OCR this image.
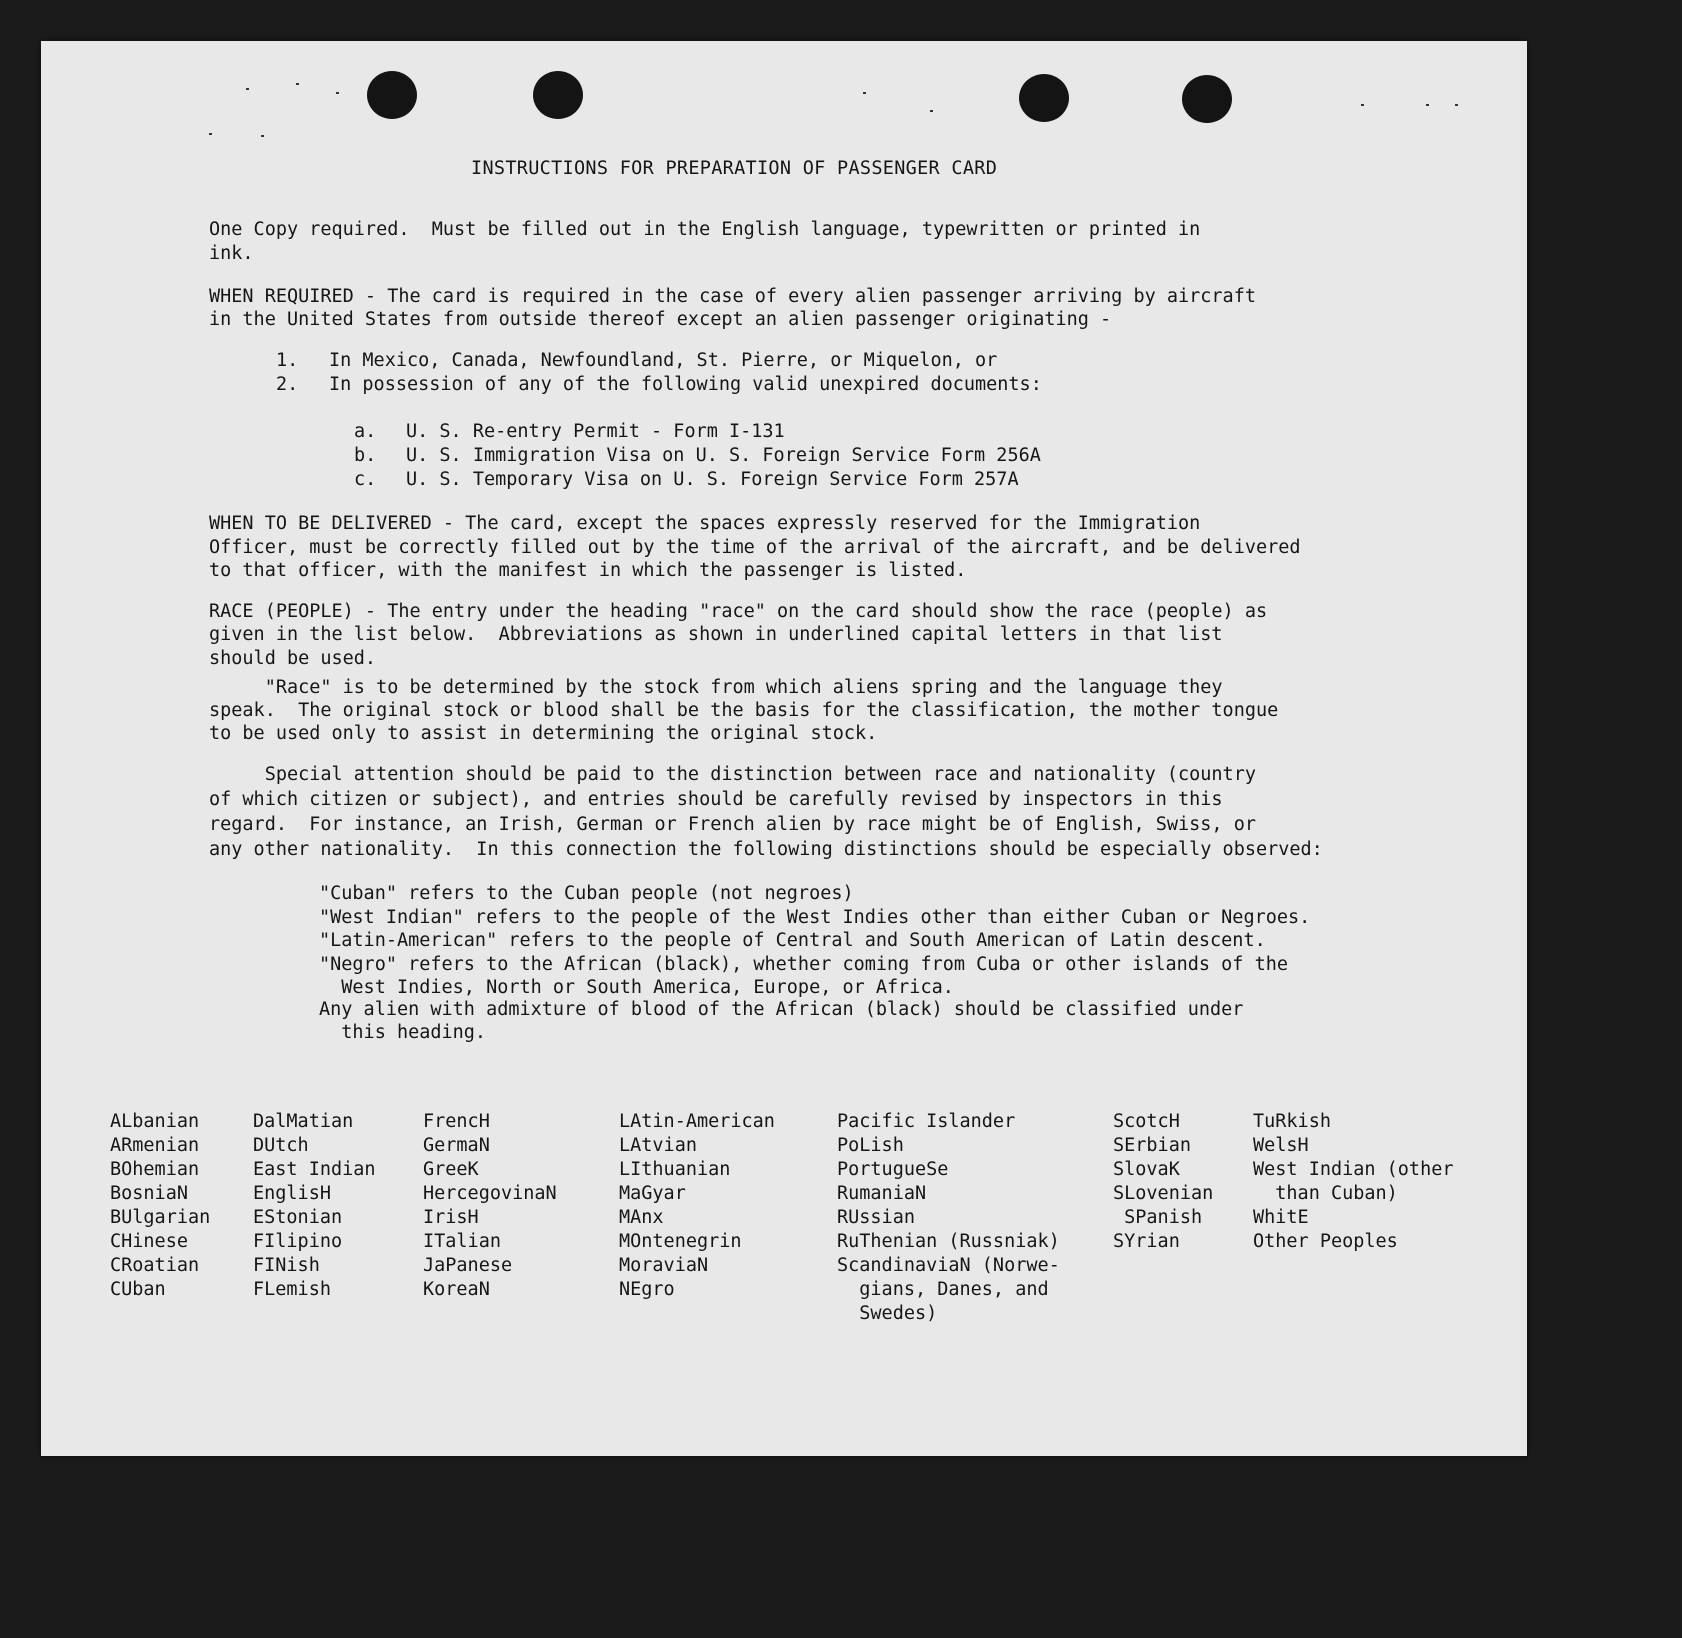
INSTRUCTIONS FOR PREPARATION OF PASSENGER CARD
One Copy required.  Must be filled out in the English language, typewritten or printed in
ink.
WHEN REQUIRED - The card is required in the case of every alien passenger arriving by aircraft
in the United States from outside thereof except an alien passenger originating -
1. In Mexico, Canada, Newfoundland, St. Pierre, or Miquelon, or
2. In possession of any of the following valid unexpired documents:
a. U. S. Re-entry Permit - Form I-131
b. U. S. Immigration Visa on U. S. Foreign Service Form 256A
c. U. S. Temporary Visa on U. S. Foreign Service Form 257A
WHEN TO BE DELIVERED - The card, except the spaces expressly reserved for the Immigration
Officer, must be correctly filled out by the time of the arrival of the aircraft, and be delivered
to that officer, with the manifest in which the passenger is listed.
RACE (PEOPLE) - The entry under the heading "race" on the card should show the race (people) as
given in the list below.  Abbreviations as shown in underlined capital letters in that list
should be used.
"Race" is to be determined by the stock from which aliens spring and the language they
speak.  The original stock or blood shall be the basis for the classification, the mother tongue
to be used only to assist in determining the original stock.
Special attention should be paid to the distinction between race and nationality (country
of which citizen or subject), and entries should be carefully revised by inspectors in this
regard.  For instance, an Irish, German or French alien by race might be of English, Swiss, or
any other nationality.  In this connection the following distinctions should be especially observed:
"Cuban" refers to the Cuban people (not negroes)
"West Indian" refers to the people of the West Indies other than either Cuban or Negroes.
"Latin-American" refers to the people of Central and South American of Latin descent.
"Negro" refers to the African (black), whether coming from Cuba or other islands of the
West Indies, North or South America, Europe, or Africa.
Any alien with admixture of blood of the African (black) should be classified under
this heading.
ALbanian
ARmenian
BOhemian
BosniaN
BUlgarian
CHinese
CRoatian
CUban
DalMatian
DUtch
East Indian
EnglisH
EStonian
FIlipino
FINish
FLemish
FrencH
GermaN
GreeK
HercegovinaN
IrisH
ITalian
JaPanese
KoreaN
LAtin-American
LAtvian
LIthuanian
MaGyar
MAnx
MOntenegrin
MoraviaN
NEgro
Pacific Islander
PoLish
PortugueSe
RumaniaN
RUssian
RuThenian (Russniak)
ScandinaviaN (Norwe-
gians, Danes, and
Swedes)
ScotcH
SErbian
SlovaK
SLovenian
SPanish
SYrian
TuRkish
WelsH
West Indian (other
than Cuban)
WhitE
Other Peoples
